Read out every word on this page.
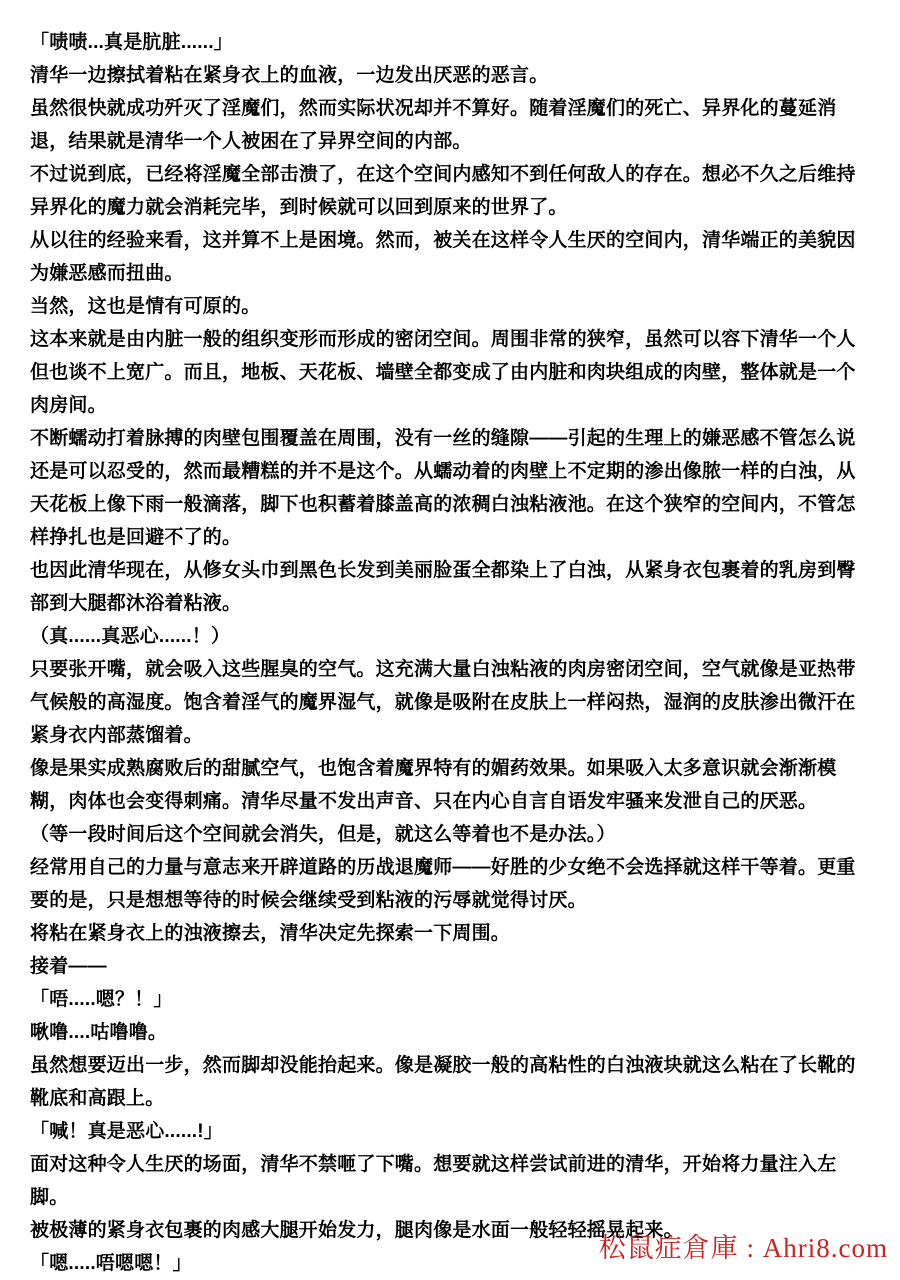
「啧啧...真是肮脏......」

清华一边擦拭着粘在紧身衣上的血液，一边发出厌恶的恶言。

虽然很快就成功歼灭了淫魔们，然而实际状况却并不算好。随着淫魔们的死亡、异界化的蔓延消退，结果就是清华一个人被困在了异界空间的内部。

不过说到底，已经将淫魔全部击溃了，在这个空间内感知不到任何敌人的存在。想必不久之后维持异界化的魔力就会消耗完毕，到时候就可以回到原来的世界了。

从以往的经验来看，这并算不上是困境。然而，被关在这样令人生厌的空间内，清华端正的美貌因为嫌恶感而扭曲。

当然，这也是情有可原的。

这本来就是由内脏一般的组织变形而形成的密闭空间。周围非常的狭窄，虽然可以容下清华一个人但也谈不上宽广。而且，地板、天花板、墙壁全都变成了由内脏和肉块组成的肉壁，整体就是一个肉房间。

不断蠕动打着脉搏的肉壁包围覆盖在周围，没有一丝的缝隙——引起的生理上的嫌恶感不管怎么说还是可以忍受的，然而最糟糕的并不是这个。从蠕动着的肉壁上不定期的渗出像脓一样的白浊，从天花板上像下雨一般滴落，脚下也积蓄着膝盖高的浓稠白浊粘液池。在这个狭窄的空间内，不管怎样挣扎也是回避不了的。

也因此清华现在，从修女头巾到黑色长发到美丽脸蛋全都染上了白浊，从紧身衣包裹着的乳房到臀部到大腿都沐浴着粘液。

（真......真恶心......！）

只要张开嘴，就会吸入这些腥臭的空气。这充满大量白浊粘液的肉房密闭空间，空气就像是亚热带气候般的高湿度。饱含着淫气的魔界湿气，就像是吸附在皮肤上一样闷热，湿润的皮肤渗出微汗在紧身衣内部蒸馏着。

像是果实成熟腐败后的甜腻空气，也饱含着魔界特有的媚药效果。如果吸入太多意识就会渐渐模糊，肉体也会变得刺痛。清华尽量不发出声音、只在内心自言自语发牢骚来发泄自己的厌恶。

（等一段时间后这个空间就会消失，但是，就这么等着也不是办法。）

经常用自己的力量与意志来开辟道路的历战退魔师——好胜的少女绝不会选择就这样干等着。更重要的是，只是想想等待的时候会继续受到粘液的污辱就觉得讨厌。

将粘在紧身衣上的浊液擦去，清华决定先探索一下周围。

接着——

「唔.....嗯？！」

啾噜....咕噜噜。

虽然想要迈出一步，然而脚却没能抬起来。像是凝胶一般的高粘性的白浊液块就这么粘在了长靴的靴底和高跟上。

「喊！真是恶心......!」

面对这种令人生厌的场面，清华不禁咂了下嘴。想要就这样尝试前进的清华，开始将力量注入左脚。

被极薄的紧身衣包裹的肉感大腿开始发力，腿肉像是水面一般轻轻摇晃起来。

「嗯.....唔嗯嗯！」

松鼠症倉庫 : Ahri8.com
